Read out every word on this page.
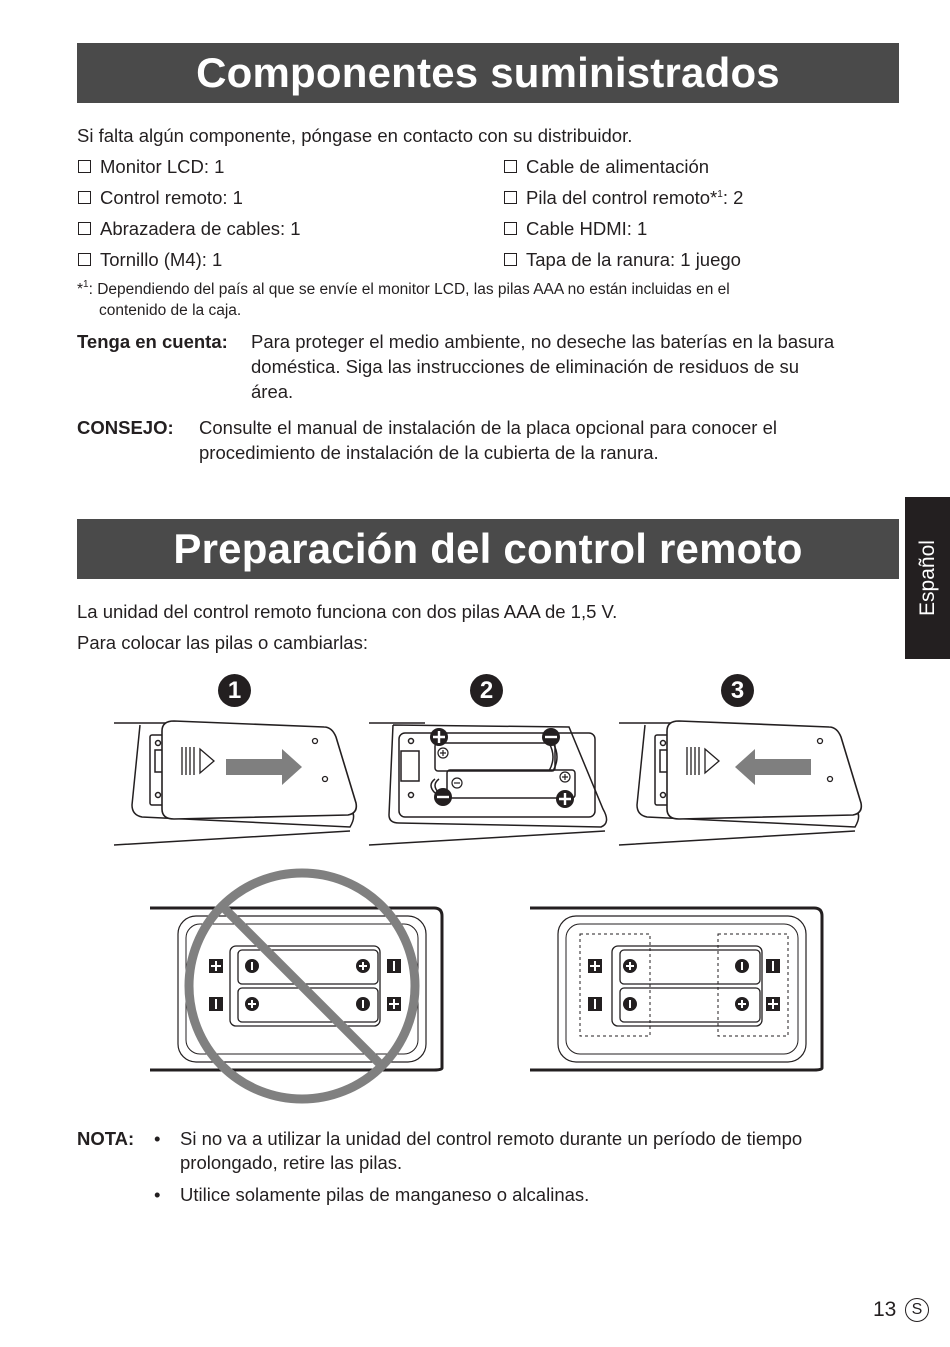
Componentes suministrados
Si falta algún componente, póngase en contacto con su distribuidor.
Monitor LCD: 1
Control remoto: 1
Abrazadera de cables: 1
Tornillo (M4): 1
Cable de alimentación
Pila del control remoto*$^1$: 2
Cable HDMI: 1
Tapa de la ranura: 1 juego
*$^1$: Dependiendo del país al que se envíe el monitor LCD, las pilas AAA no están incluidas en el
contenido de la caja.
Tenga en cuenta: Para proteger el medio ambiente, no deseche las baterías en la basura
doméstica. Siga las instrucciones de eliminación de residuos de su
área.
CONSEJO: Consulte el manual de instalación de la placa opcional para conocer el
procedimiento de instalación de la cubierta de la ranura.
Español
Preparación del control remoto
La unidad del control remoto funciona con dos pilas AAA de 1,5 V.
Para colocar las pilas o cambiarlas:
1	2	3
NOTA: • Si no va a utilizar la unidad del control remoto durante un período de tiempo
prolongado, retire las pilas.
• Utilice solamente pilas de manganeso o alcalinas.
13 S
